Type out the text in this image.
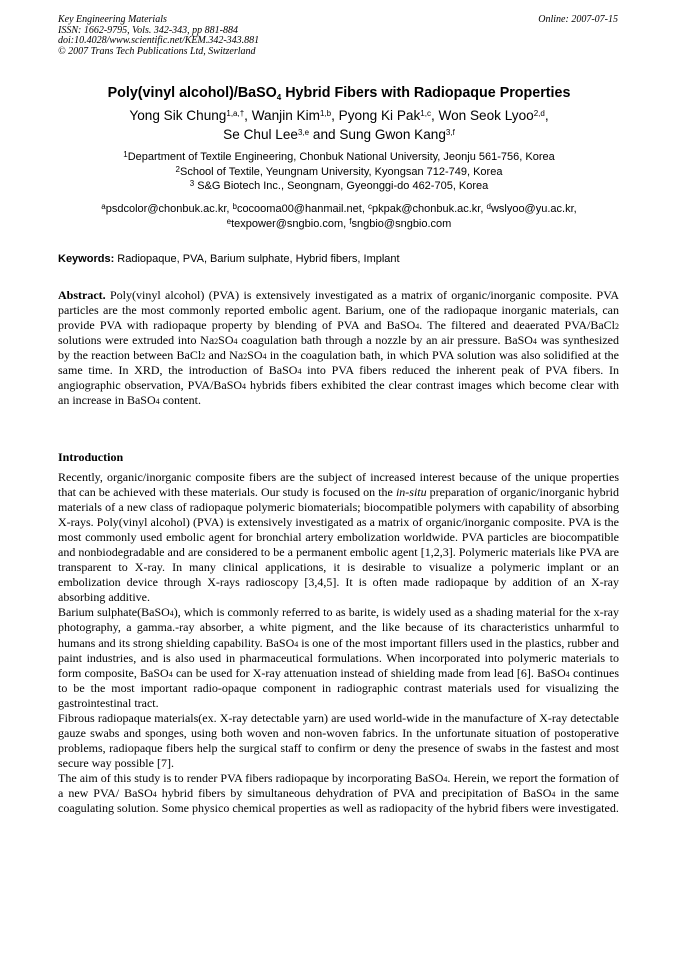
Key Engineering Materials
ISSN: 1662-9795, Vols. 342-343, pp 881-884
doi:10.4028/www.scientific.net/KEM.342-343.881
© 2007 Trans Tech Publications Ltd, Switzerland
Online: 2007-07-15
Poly(vinyl alcohol)/BaSO$_4$ Hybrid Fibers with Radiopaque Properties
Yong Sik Chung$^{1,a,\dagger}$, Wanjin Kim$^{1,b}$, Pyong Ki Pak$^{1,c}$, Won Seok Lyoo$^{2,d}$,
Se Chul Lee$^{3,e}$ and Sung Gwon Kang$^{3,f}$
$^1$Department of Textile Engineering, Chonbuk National University, Jeonju 561-756, Korea
$^2$School of Textile, Yeungnam University, Kyongsan 712-749, Korea
$^3$ S&G Biotech Inc., Seongnam, Gyeonggi-do 462-705, Korea
$^a$psdcolor@chonbuk.ac.kr, $^b$cocooma00@hanmail.net, $^c$pkpak@chonbuk.ac.kr, $^d$wslyoo@yu.ac.kr,
$^e$texpower@sngbio.com, $^f$sngbio@sngbio.com
Keywords: Radiopaque, PVA, Barium sulphate, Hybrid fibers, Implant
Abstract. Poly(vinyl alcohol) (PVA) is extensively investigated as a matrix of organic/inorganic composite. PVA particles are the most commonly reported embolic agent. Barium, one of the radiopaque inorganic materials, can provide PVA with radiopaque property by blending of PVA and BaSO$_4$. The filtered and deaerated PVA/BaCl$_2$ solutions were extruded into $Na_2SO_4$ coagulation bath through a nozzle by an air pressure. BaSO$_4$ was synthesized by the reaction between BaCl$_2$ and $Na_2SO_4$ in the coagulation bath, in which PVA solution was also solidified at the same time. In XRD, the introduction of BaSO$_4$ into PVA fibers reduced the inherent peak of PVA fibers. In angiographic observation, PVA/BaSO$_4$ hybrids fibers exhibited the clear contrast images which become clear with an increase in BaSO$_4$ content.
Introduction

Recently, organic/inorganic composite fibers are the subject of increased interest because of the unique properties that can be achieved with these materials. Our study is focused on the in-situ preparation of organic/inorganic hybrid materials of a new class of radiopaque polymeric biomaterials; biocompatible polymers with capability of absorbing X-rays. Poly(vinyl alcohol) (PVA) is extensively investigated as a matrix of organic/inorganic composite. PVA is the most commonly used embolic agent for bronchial artery embolization worldwide. PVA particles are biocompatible and nonbiodegradable and are considered to be a permanent embolic agent [1,2,3]. Polymeric materials like PVA are transparent to X-ray. In many clinical applications, it is desirable to visualize a polymeric implant or an embolization device through X-rays radioscopy [3,4,5]. It is often made radiopaque by addition of an X-ray absorbing additive.

Barium sulphate(BaSO$_4$), which is commonly referred to as barite, is widely used as a shading material for the x-ray photography, a gamma.-ray absorber, a white pigment, and the like because of its characteristics unharmful to humans and its strong shielding capability. BaSO$_4$ is one of the most important fillers used in the plastics, rubber and paint industries, and is also used in pharmaceutical formulations. When incorporated into polymeric materials to form composite, BaSO$_4$ can be used for X-ray attenuation instead of shielding made from lead [6]. BaSO$_4$ continues to be the most important radio-opaque component in radiographic contrast materials used for visualizing the gastrointestinal tract.

Fibrous radiopaque materials(ex. X-ray detectable yarn) are used world-wide in the manufacture of X-ray detectable gauze swabs and sponges, using both woven and non-woven fabrics. In the unfortunate situation of postoperative problems, radiopaque fibers help the surgical staff to confirm or deny the presence of swabs in the fastest and most secure way possible [7].

The aim of this study is to render PVA fibers radiopaque by incorporating BaSO$_4$. Herein, we report the formation of a new PVA/ BaSO$_4$ hybrid fibers by simultaneous dehydration of PVA and precipitation of BaSO$_4$ in the same coagulating solution. Some physico chemical properties as well as radiopacity of the hybrid fibers were investigated.
